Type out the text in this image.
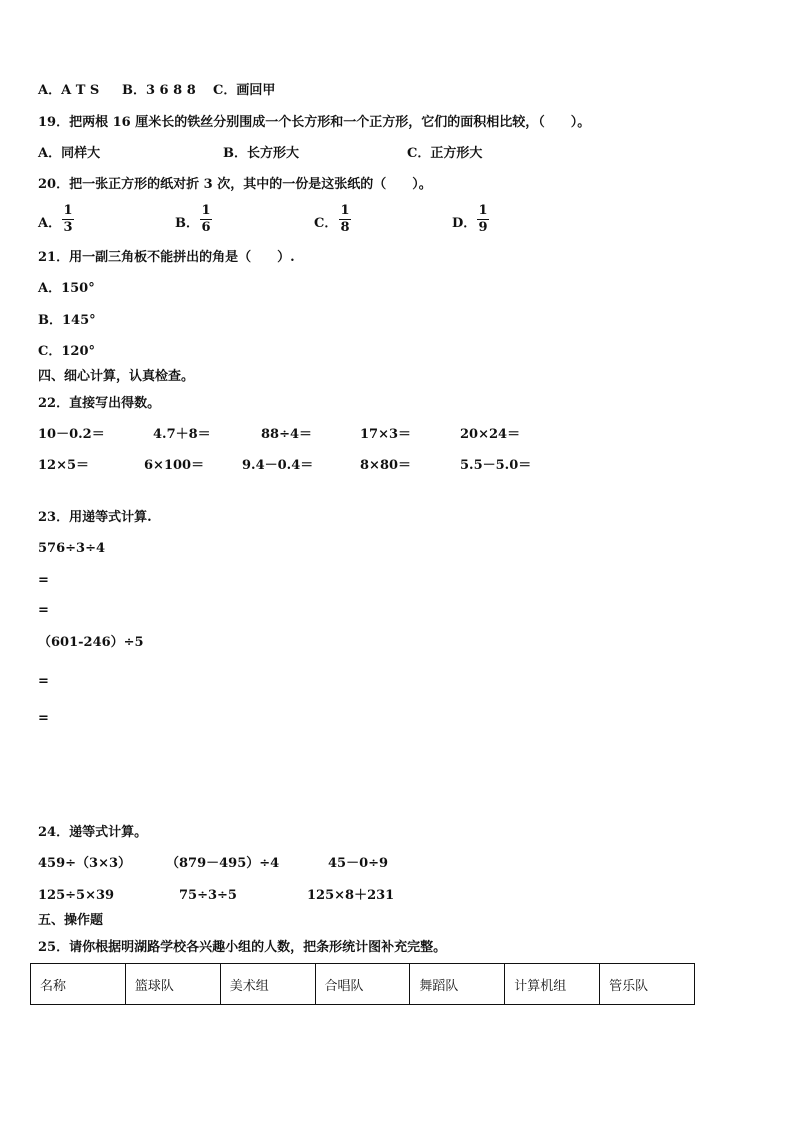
A．A T S B．3 6 8 8 C．画回甲
19．把两根 16 厘米长的铁丝分别围成一个长方形和一个正方形，它们的面积相比较，（　　）。
A．同样大	B．长方形大	C．正方形大
20．把一张正方形的纸对折 3 次，其中的一份是这张纸的（　　）。
A．
1
3	B．
1
6	C．
1
8	D．
1
9
21．用一副三角板不能拼出的角是（　　）.
A．150°
B．145°
C．120°
四、细心计算，认真检查。
22．直接写出得数。
10－0.2＝	4.7＋8＝	88÷4＝	17×3＝	20×24＝
12×5＝	6×100＝	9.4－0.4＝	8×80＝	5.5－5.0＝
23．用递等式计算.
576÷3÷4
=
=
（601-246）÷5
=
=
24．递等式计算。
459÷（3×3）	（879－495）÷4	45－0÷9
125÷5×39	75÷3÷5	125×8＋231
五、操作题
25．请你根据明湖路学校各兴趣小组的人数，把条形统计图补充完整。
名称	篮球队	美术组	合唱队	舞蹈队	计算机组	管乐队
